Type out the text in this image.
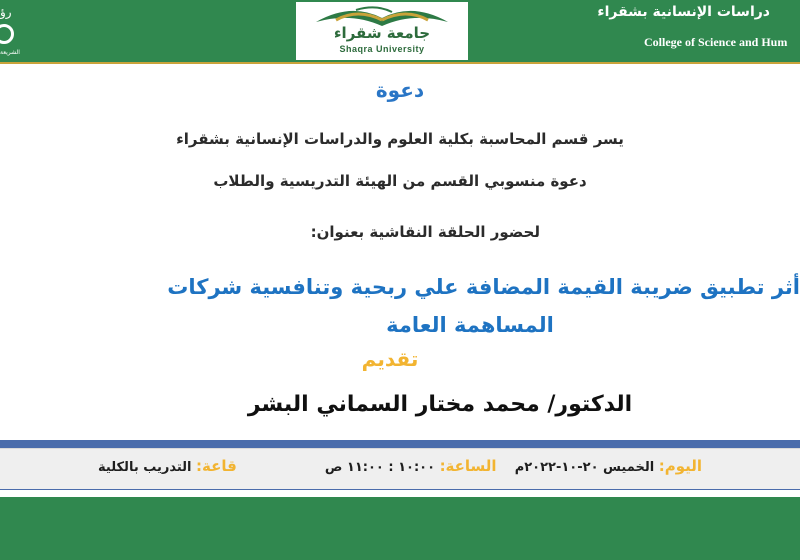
رؤ
الشريعة
جامعة شقراء
Shaqra University
دراسات الإنسانية بشقراء
College of Science and Hum
دعوة
يسر قسم المحاسبة بكلية العلوم والدراسات الإنسانية بشقراء
دعوة منسوبي القسم من الهيئة التدريسية والطلاب
لحضور الحلقة النقاشية بعنوان:
أثر تطبيق ضريبة القيمة المضافة علي ربحية وتنافسية شركات
المساهمة العامة
تقديم
الدكتور/ محمد مختار السماني البشر
اليوم: الخميس ٢٠-١٠-٢٠٢٢م    الساعة: ١٠:٠٠ : ١١:٠٠ ص
قاعة: التدريب بالكلية
